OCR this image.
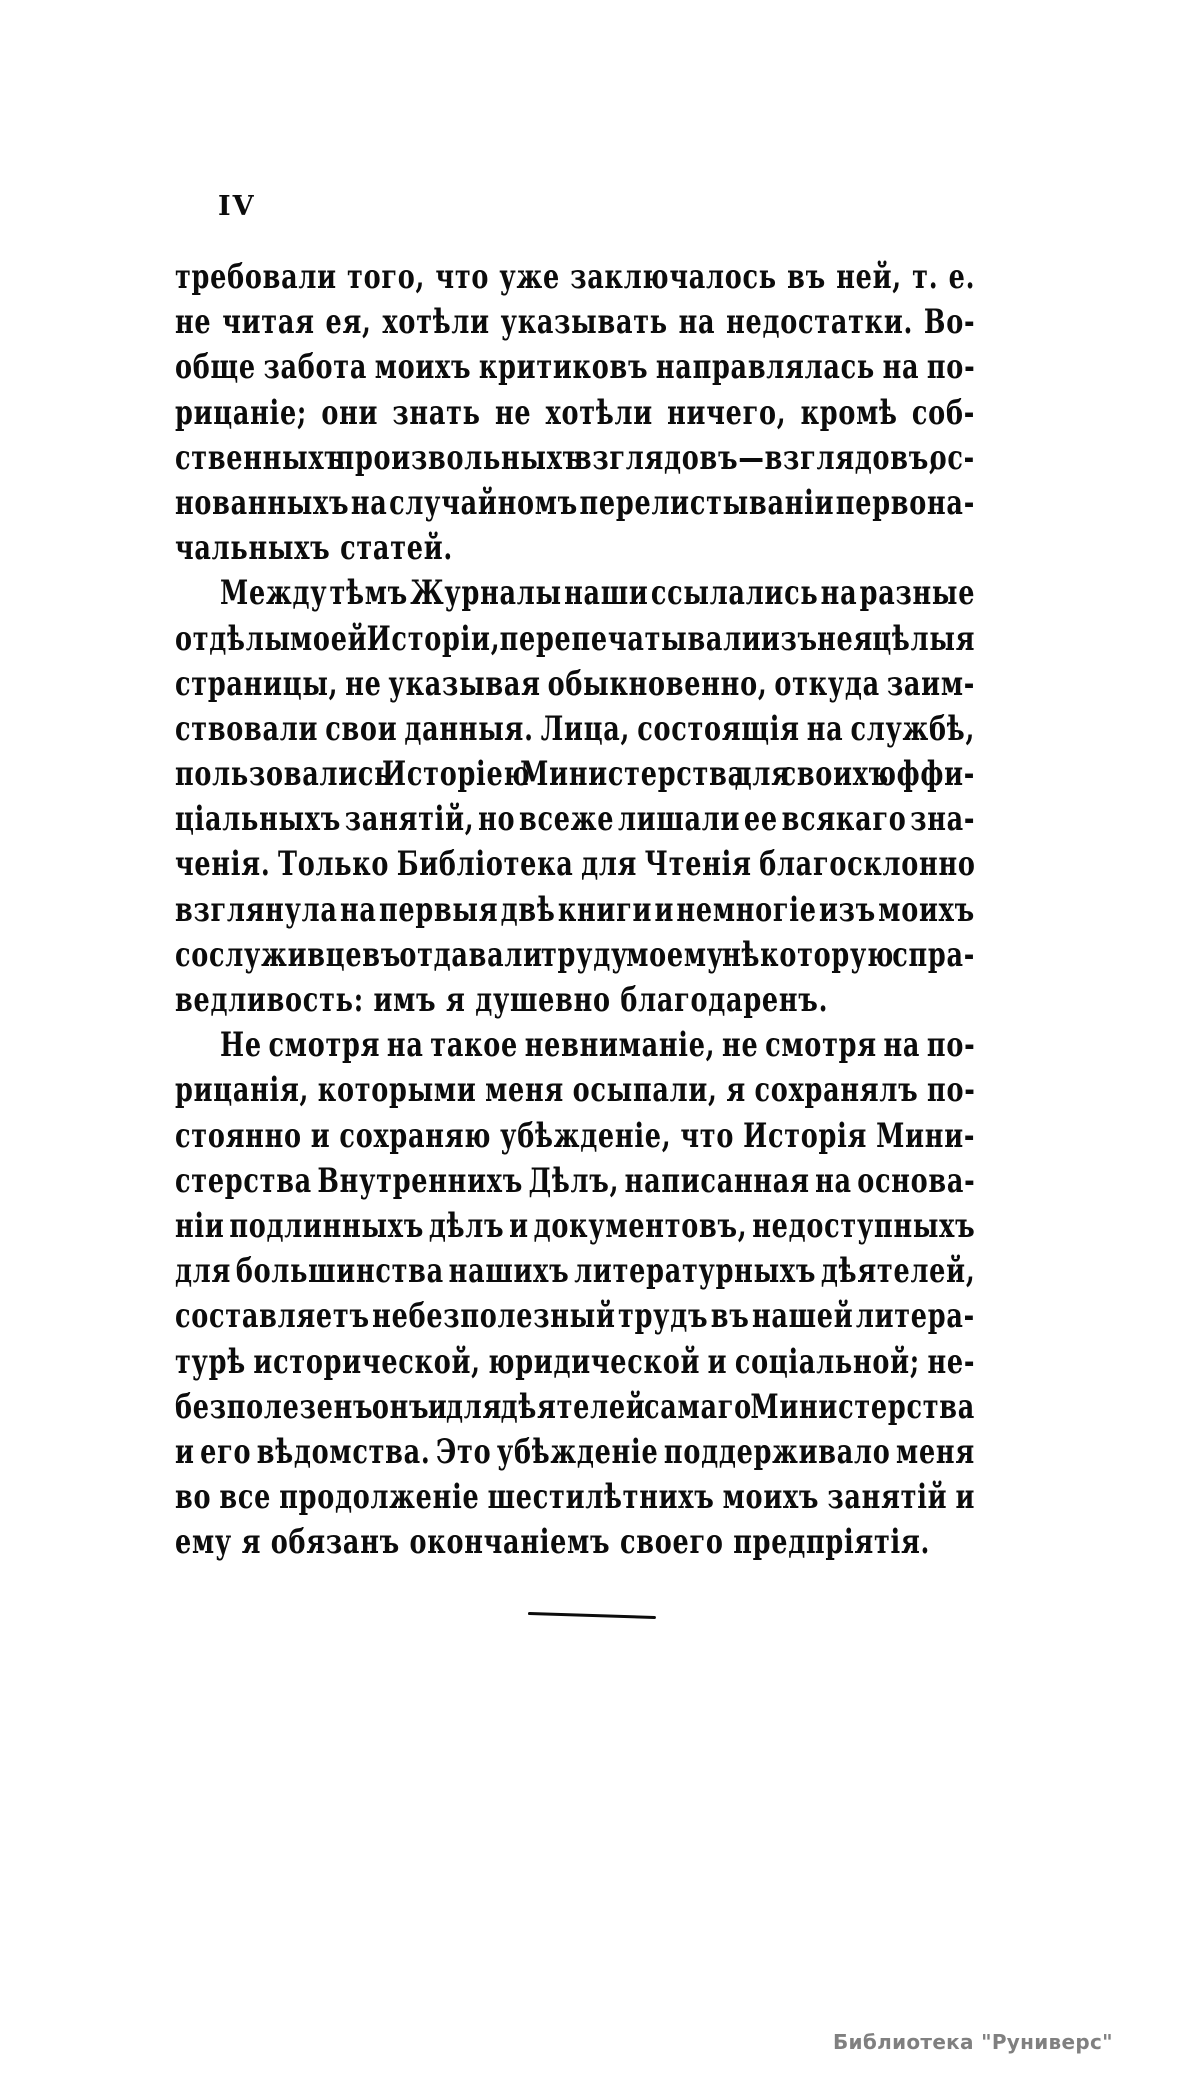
IV
требовали того, что уже заключалось въ ней, т. е.
не читая ея, хотѣли указывать на недостатки. Во-
обще забота моихъ критиковъ направлялась на по-
рицаніе; они знать не хотѣли ничего, кромѣ соб-
ственныхъ произвольныхъ взглядовъ—взглядовъ, ос-
нованныхъ на случайномъ перелистываніи первона-
чальныхъ статей.
Между тѣмъ Журналы наши ссылались на разные
отдѣлы моей Исторіи, перепечатывали изъ нея цѣлыя
страницы, не указывая обыкновенно, откуда заим-
ствовали свои данныя. Лица, состоящія на службѣ,
пользовались Исторіею Министерства для своихъ оффи-
ціальныхъ занятій, но всеже лишали ее всякаго зна-
ченія. Только Библіотека для Чтенія благосклонно
взглянула на первыя двѣ книги и немногіе изъ моихъ
сослуживцевъ отдавали труду моему нѣкоторую спра-
ведливость: имъ я душевно благодаренъ.
Не смотря на такое невниманіе, не смотря на по-
рицанія, которыми меня осыпали, я сохранялъ по-
стоянно и сохраняю убѣжденіе, что Исторія Мини-
стерства Внутреннихъ Дѣлъ, написанная на основа-
ніи подлинныхъ дѣлъ и документовъ, недоступныхъ
для большинства нашихъ литературныхъ дѣятелей,
составляетъ небезполезный трудъ въ нашей литера-
турѣ исторической, юридической и соціальной; не-
безполезенъ онъ и для дѣятелей самаго Министерства
и его вѣдомства. Это убѣжденіе поддерживало меня
во все продолженіе шестилѣтнихъ моихъ занятій и
ему я обязанъ окончаніемъ своего предпріятія.
Библиотека "Руниверс"
